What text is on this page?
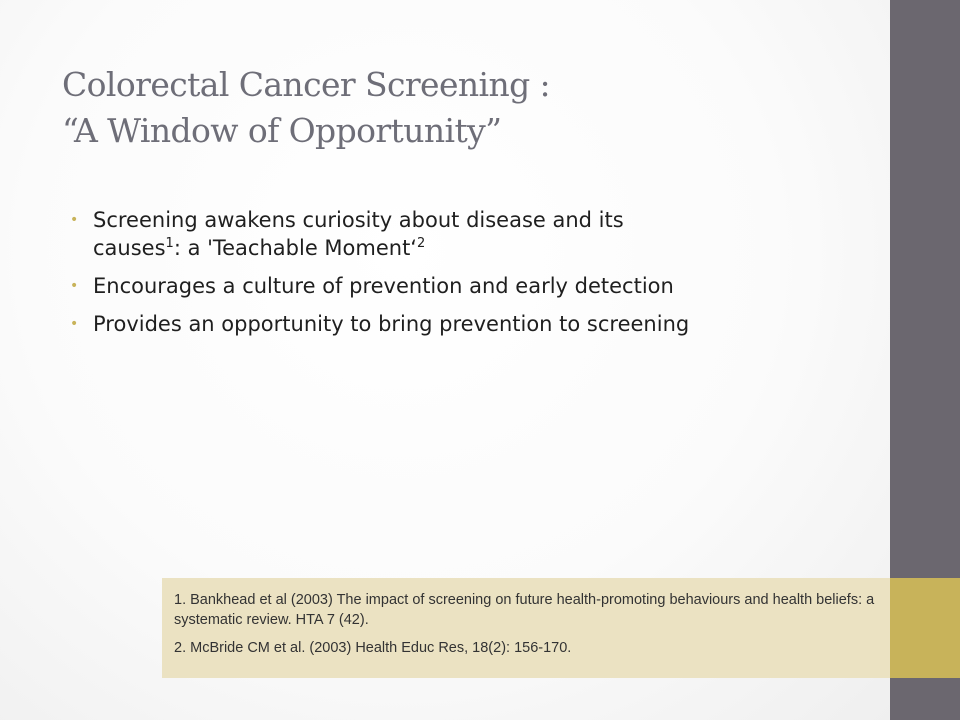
Colorectal Cancer Screening :
“A Window of Opportunity”
• Screening awakens curiosity about disease and its
causes$^1$: a 'Teachable Moment‘$^2$
• Encourages a culture of prevention and early detection
• Provides an opportunity to bring prevention to screening

1. Bankhead et al (2003) The impact of screening on future health-promoting behaviours and health beliefs: a systematic review. HTA 7 (42).

2. McBride CM et al. (2003) Health Educ Res, 18(2): 156-170.
